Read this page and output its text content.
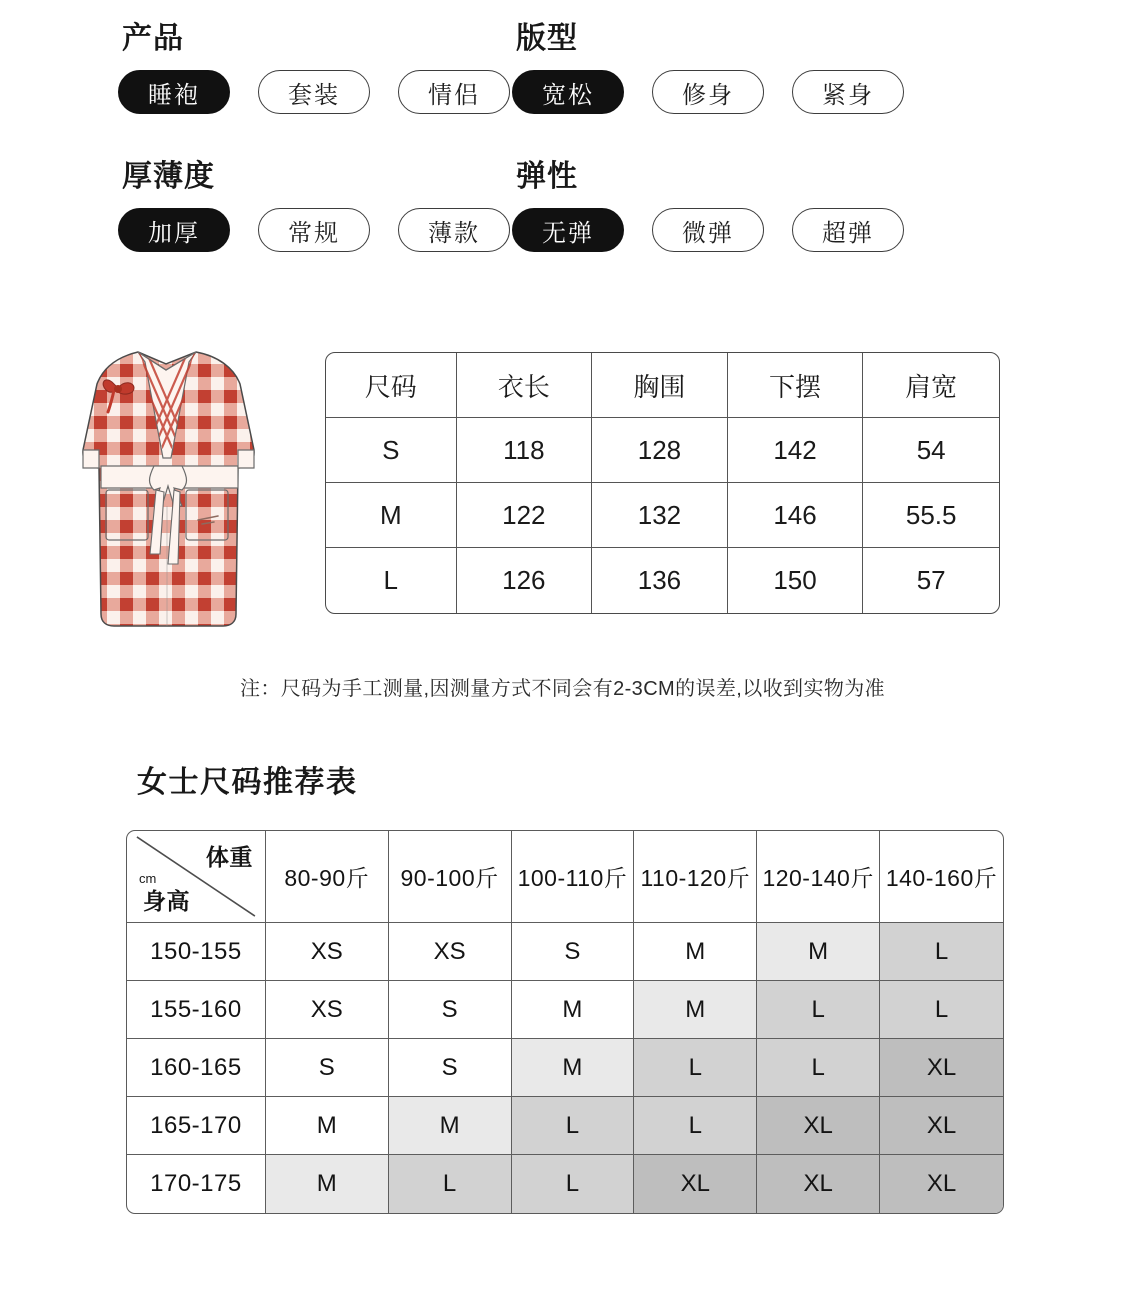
产品
睡袍	套装	情侣
版型
宽松	修身	紧身
厚薄度
加厚	常规	薄款
弹性
无弹	微弹	超弹
尺码	衣长	胸围	下摆	肩宽
S	118	128	142	54
M	122	132	146	55.5
L	126	136	150	57
注：尺码为手工测量,因测量方式不同会有2-3CM的误差,以收到实物为准
女士尺码推荐表
体重
cm
身高	80-90斤	90-100斤	100-110斤	110-120斤	120-140斤	140-160斤
150-155	XS	XS	S	M	M	L
155-160	XS	S	M	M	L	L
160-165	S	S	M	L	L	XL
165-170	M	M	L	L	XL	XL
170-175	M	L	L	XL	XL	XL
